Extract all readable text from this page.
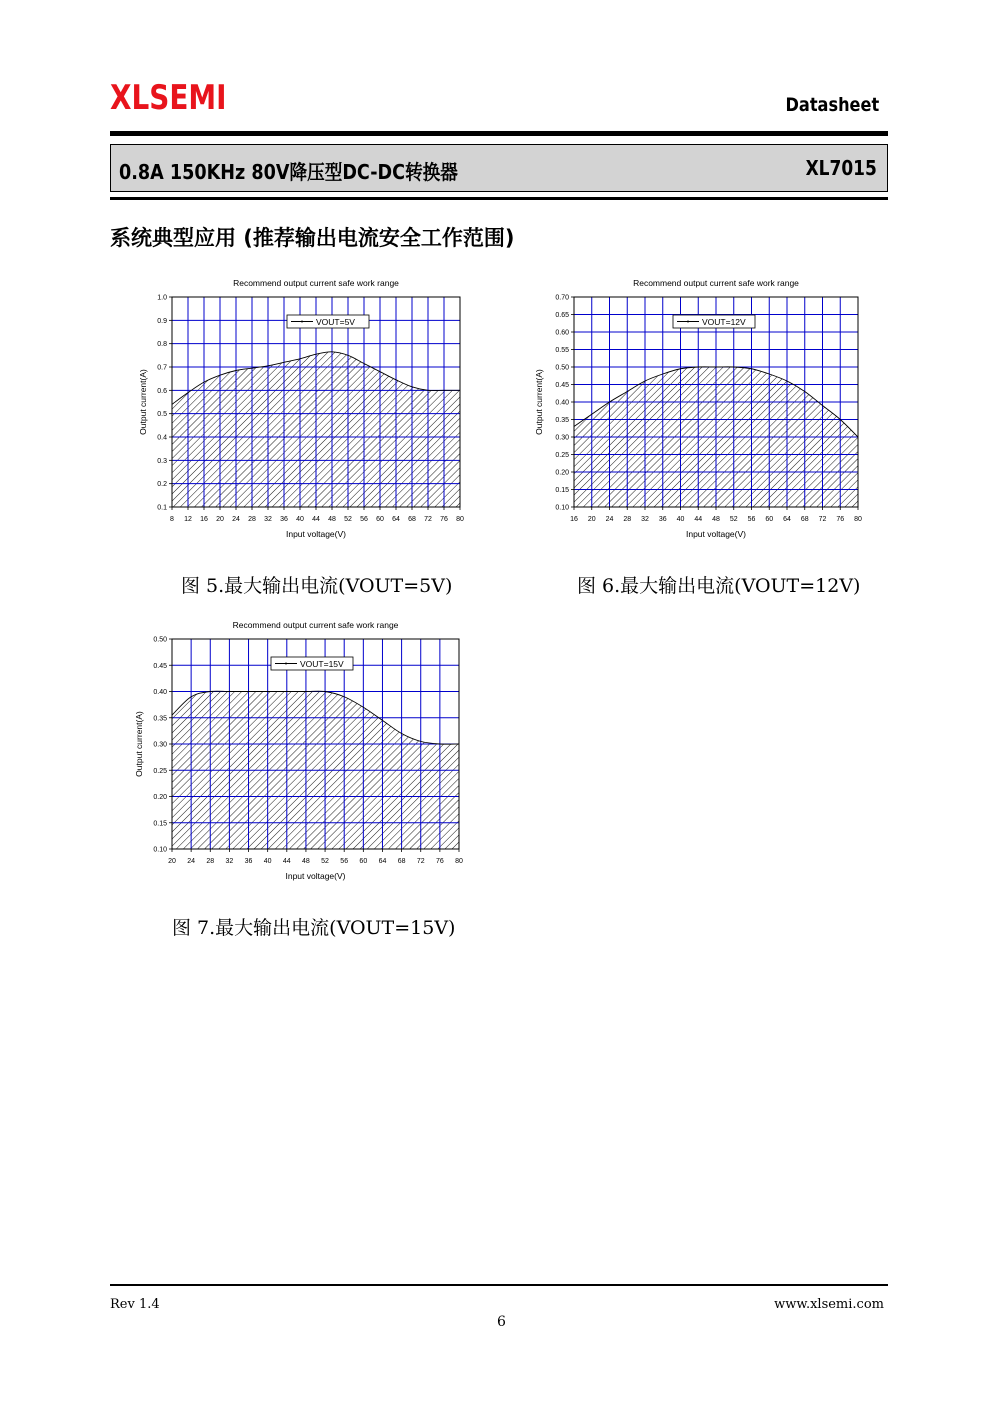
XLSEMI	Datasheet
0.8A 150KHz 80V降压型DC-DC转换器	XL7015
系统典型应用 (推荐输出电流安全工作范围)
8 12 16 20 24 28 32 36 40 44 48 52 56 60 64 68 72 76 80
0.1
0.2
0.3
0.4
0.5
0.6
0.7
0.8
0.9
1.0
Recommend output current safe work range
Input voltage(V)
Output current(A)
VOUT=5V
16 20 24 28 32 36 40 44 48 52 56 60 64 68 72 76 80
0.10
0.15
0.20
0.25
0.30
0.35
0.40
0.45
0.50
0.55
0.60
0.65
0.70
Recommend output current safe work range
Input voltage(V)
Output current(A)
VOUT=12V
20 24 28 32 36 40 44 48 52 56 60 64 68 72 76 80
0.10
0.15
0.20
0.25
0.30
0.35
0.40
0.45
0.50
Recommend output current safe work range
Input voltage(V)
Output current(A)
VOUT=15V
图 5.最大输出电流(VOUT=5V)	图 6.最大输出电流(VOUT=12V)
图 7.最大输出电流(VOUT=15V)
Rev 1.4	www.xlsemi.com
6
